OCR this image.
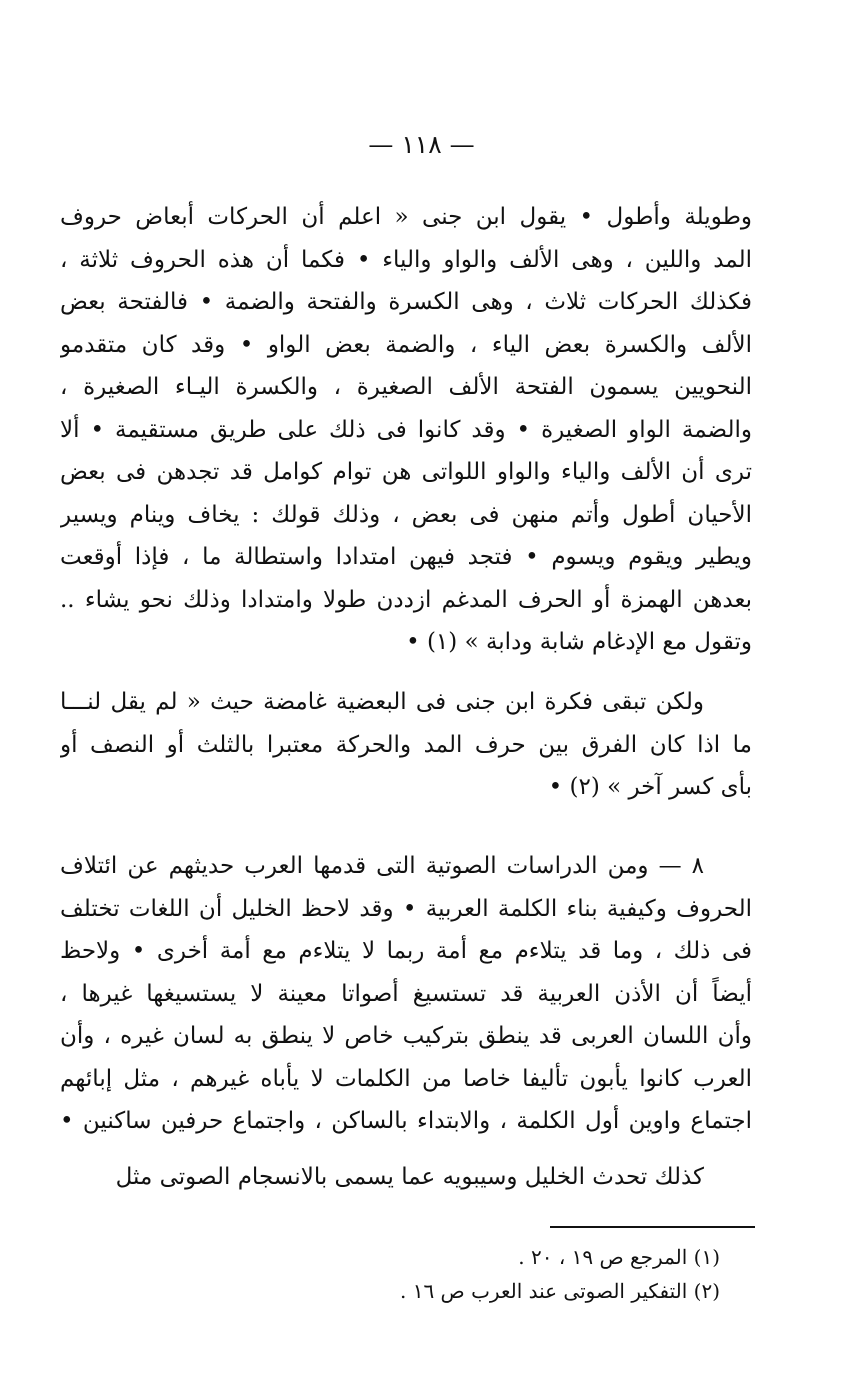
— ١١٨ —
وطويلة وأطول • يقول ابن جنى « اعلم أن الحركات أبعاض حروف
المد واللين ، وهى الألف والواو والياء • فكما أن هذه الحروف ثلاثة ،
فكذلك الحركات ثلاث ، وهى الكسرة والفتحة والضمة • فالفتحة بعض
الألف والكسرة بعض الياء ، والضمة بعض الواو • وقد كان متقدمو
النحويين يسمون الفتحة الألف الصغيرة ، والكسرة اليـاء الصغيرة ،
والضمة الواو الصغيرة • وقد كانوا فى ذلك على طريق مستقيمة • ألا
ترى أن الألف والياء والواو اللواتى هن توام كوامل قد تجدهن فى بعض
الأحيان أطول وأتم منهن فى بعض ، وذلك قولك : يخاف وينام ويسير
ويطير ويقوم ويسوم • فتجد فيهن امتدادا واستطالة ما ، فإذا أوقعت
بعدهن الهمزة أو الحرف المدغم ازددن طولا وامتدادا وذلك نحو يشاء ..
وتقول مع الإدغام شابة ودابة » (١) •
ولكن تبقى فكرة ابن جنى فى البعضية غامضة حيث « لم يقل لنـــا
ما اذا كان الفرق بين حرف المد والحركة معتبرا بالثلث أو النصف أو
بأى كسر آخر » (٢) •
٨ — ومن الدراسات الصوتية التى قدمها العرب حديثهم عن ائتلاف
الحروف وكيفية بناء الكلمة العربية • وقد لاحظ الخليل أن اللغات تختلف
فى ذلك ، وما قد يتلاءم مع أمة ربما لا يتلاءم مع أمة أخرى • ولاحظ
أيضاً أن الأذن العربية قد تستسيغ أصواتا معينة لا يستسيغها غيرها ،
وأن اللسان العربى قد ينطق بتركيب خاص لا ينطق به لسان غيره ، وأن
العرب كانوا يأبون تأليفا خاصا من الكلمات لا يأباه غيرهم ، مثل إبائهم
اجتماع واوين أول الكلمة ، والابتداء بالساكن ، واجتماع حرفين ساكنين •
كذلك تحدث الخليل وسيبويه عما يسمى بالانسجام الصوتى مثل
(١) المرجع ص ١٩ ، ٢٠ .
(٢) التفكير الصوتى عند العرب ص ١٦ .
